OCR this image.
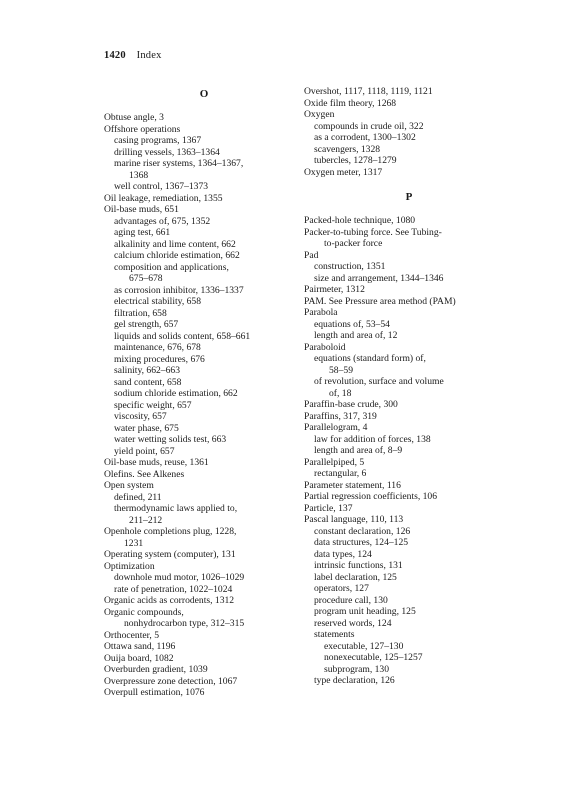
1420 Index
O
Obtuse angle, 3
Offshore operations
casing programs, 1367
drilling vessels, 1363–1364
marine riser systems, 1364–1367,
1368
well control, 1367–1373
Oil leakage, remediation, 1355
Oil-base muds, 651
advantages of, 675, 1352
aging test, 661
alkalinity and lime content, 662
calcium chloride estimation, 662
composition and applications,
675–678
as corrosion inhibitor, 1336–1337
electrical stability, 658
filtration, 658
gel strength, 657
liquids and solids content, 658–661
maintenance, 676, 678
mixing procedures, 676
salinity, 662–663
sand content, 658
sodium chloride estimation, 662
specific weight, 657
viscosity, 657
water phase, 675
water wetting solids test, 663
yield point, 657
Oil-base muds, reuse, 1361
Olefins. See Alkenes
Open system
defined, 211
thermodynamic laws applied to,
211–212
Openhole completions plug, 1228,
1231
Operating system (computer), 131
Optimization
downhole mud motor, 1026–1029
rate of penetration, 1022–1024
Organic acids as corrodents, 1312
Organic compounds,
nonhydrocarbon type, 312–315
Orthocenter, 5
Ottawa sand, 1196
Ouija board, 1082
Overburden gradient, 1039
Overpressure zone detection, 1067
Overpull estimation, 1076
Overshot, 1117, 1118, 1119, 1121
Oxide film theory, 1268
Oxygen
compounds in crude oil, 322
as a corrodent, 1300–1302
scavengers, 1328
tubercles, 1278–1279
Oxygen meter, 1317
P
Packed-hole technique, 1080
Packer-to-tubing force. See Tubing-
to-packer force
Pad
construction, 1351
size and arrangement, 1344–1346
Pairmeter, 1312
PAM. See Pressure area method (PAM)
Parabola
equations of, 53–54
length and area of, 12
Paraboloid
equations (standard form) of,
58–59
of revolution, surface and volume
of, 18
Paraffin-base crude, 300
Paraffins, 317, 319
Parallelogram, 4
law for addition of forces, 138
length and area of, 8–9
Parallelpiped, 5
rectangular, 6
Parameter statement, 116
Partial regression coefficients, 106
Particle, 137
Pascal language, 110, 113
constant declaration, 126
data structures, 124–125
data types, 124
intrinsic functions, 131
label declaration, 125
operators, 127
procedure call, 130
program unit heading, 125
reserved words, 124
statements
executable, 127–130
nonexecutable, 125–1257
subprogram, 130
type declaration, 126
